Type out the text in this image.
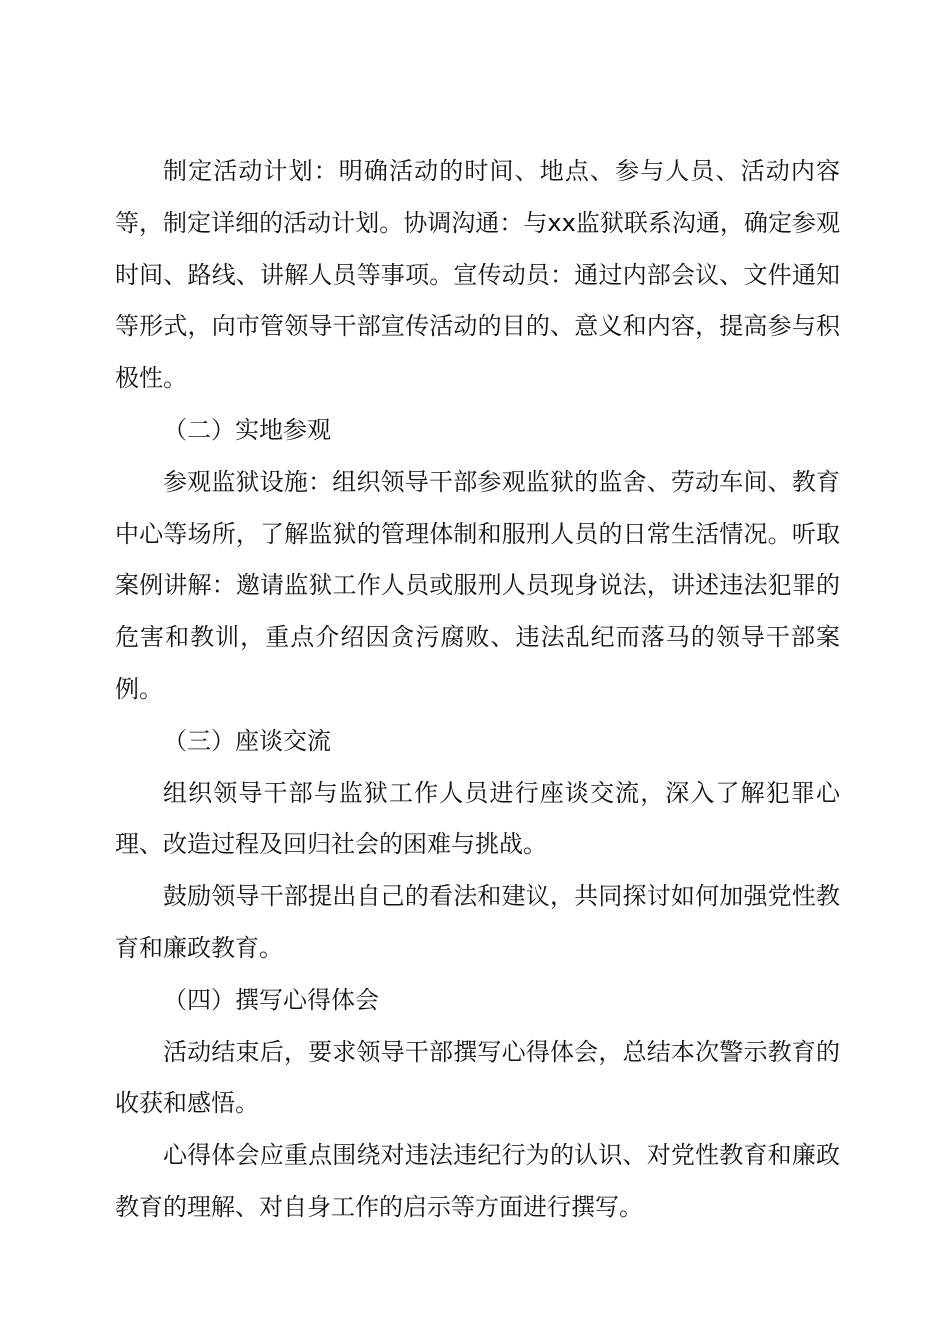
制定活动计划：明确活动的时间、地点、参与人员、活动内容等，制定详细的活动计划。协调沟通：与xx监狱联系沟通，确定参观时间、路线、讲解人员等事项。宣传动员：通过内部会议、文件通知等形式，向市管领导干部宣传活动的目的、意义和内容，提高参与积极性。

（二）实地参观

参观监狱设施：组织领导干部参观监狱的监舍、劳动车间、教育中心等场所，了解监狱的管理体制和服刑人员的日常生活情况。听取案例讲解：邀请监狱工作人员或服刑人员现身说法，讲述违法犯罪的危害和教训，重点介绍因贪污腐败、违法乱纪而落马的领导干部案例。

（三）座谈交流

组织领导干部与监狱工作人员进行座谈交流，深入了解犯罪心理、改造过程及回归社会的困难与挑战。

鼓励领导干部提出自己的看法和建议，共同探讨如何加强党性教育和廉政教育。

（四）撰写心得体会

活动结束后，要求领导干部撰写心得体会，总结本次警示教育的收获和感悟。

心得体会应重点围绕对违法违纪行为的认识、对党性教育和廉政教育的理解、对自身工作的启示等方面进行撰写。
